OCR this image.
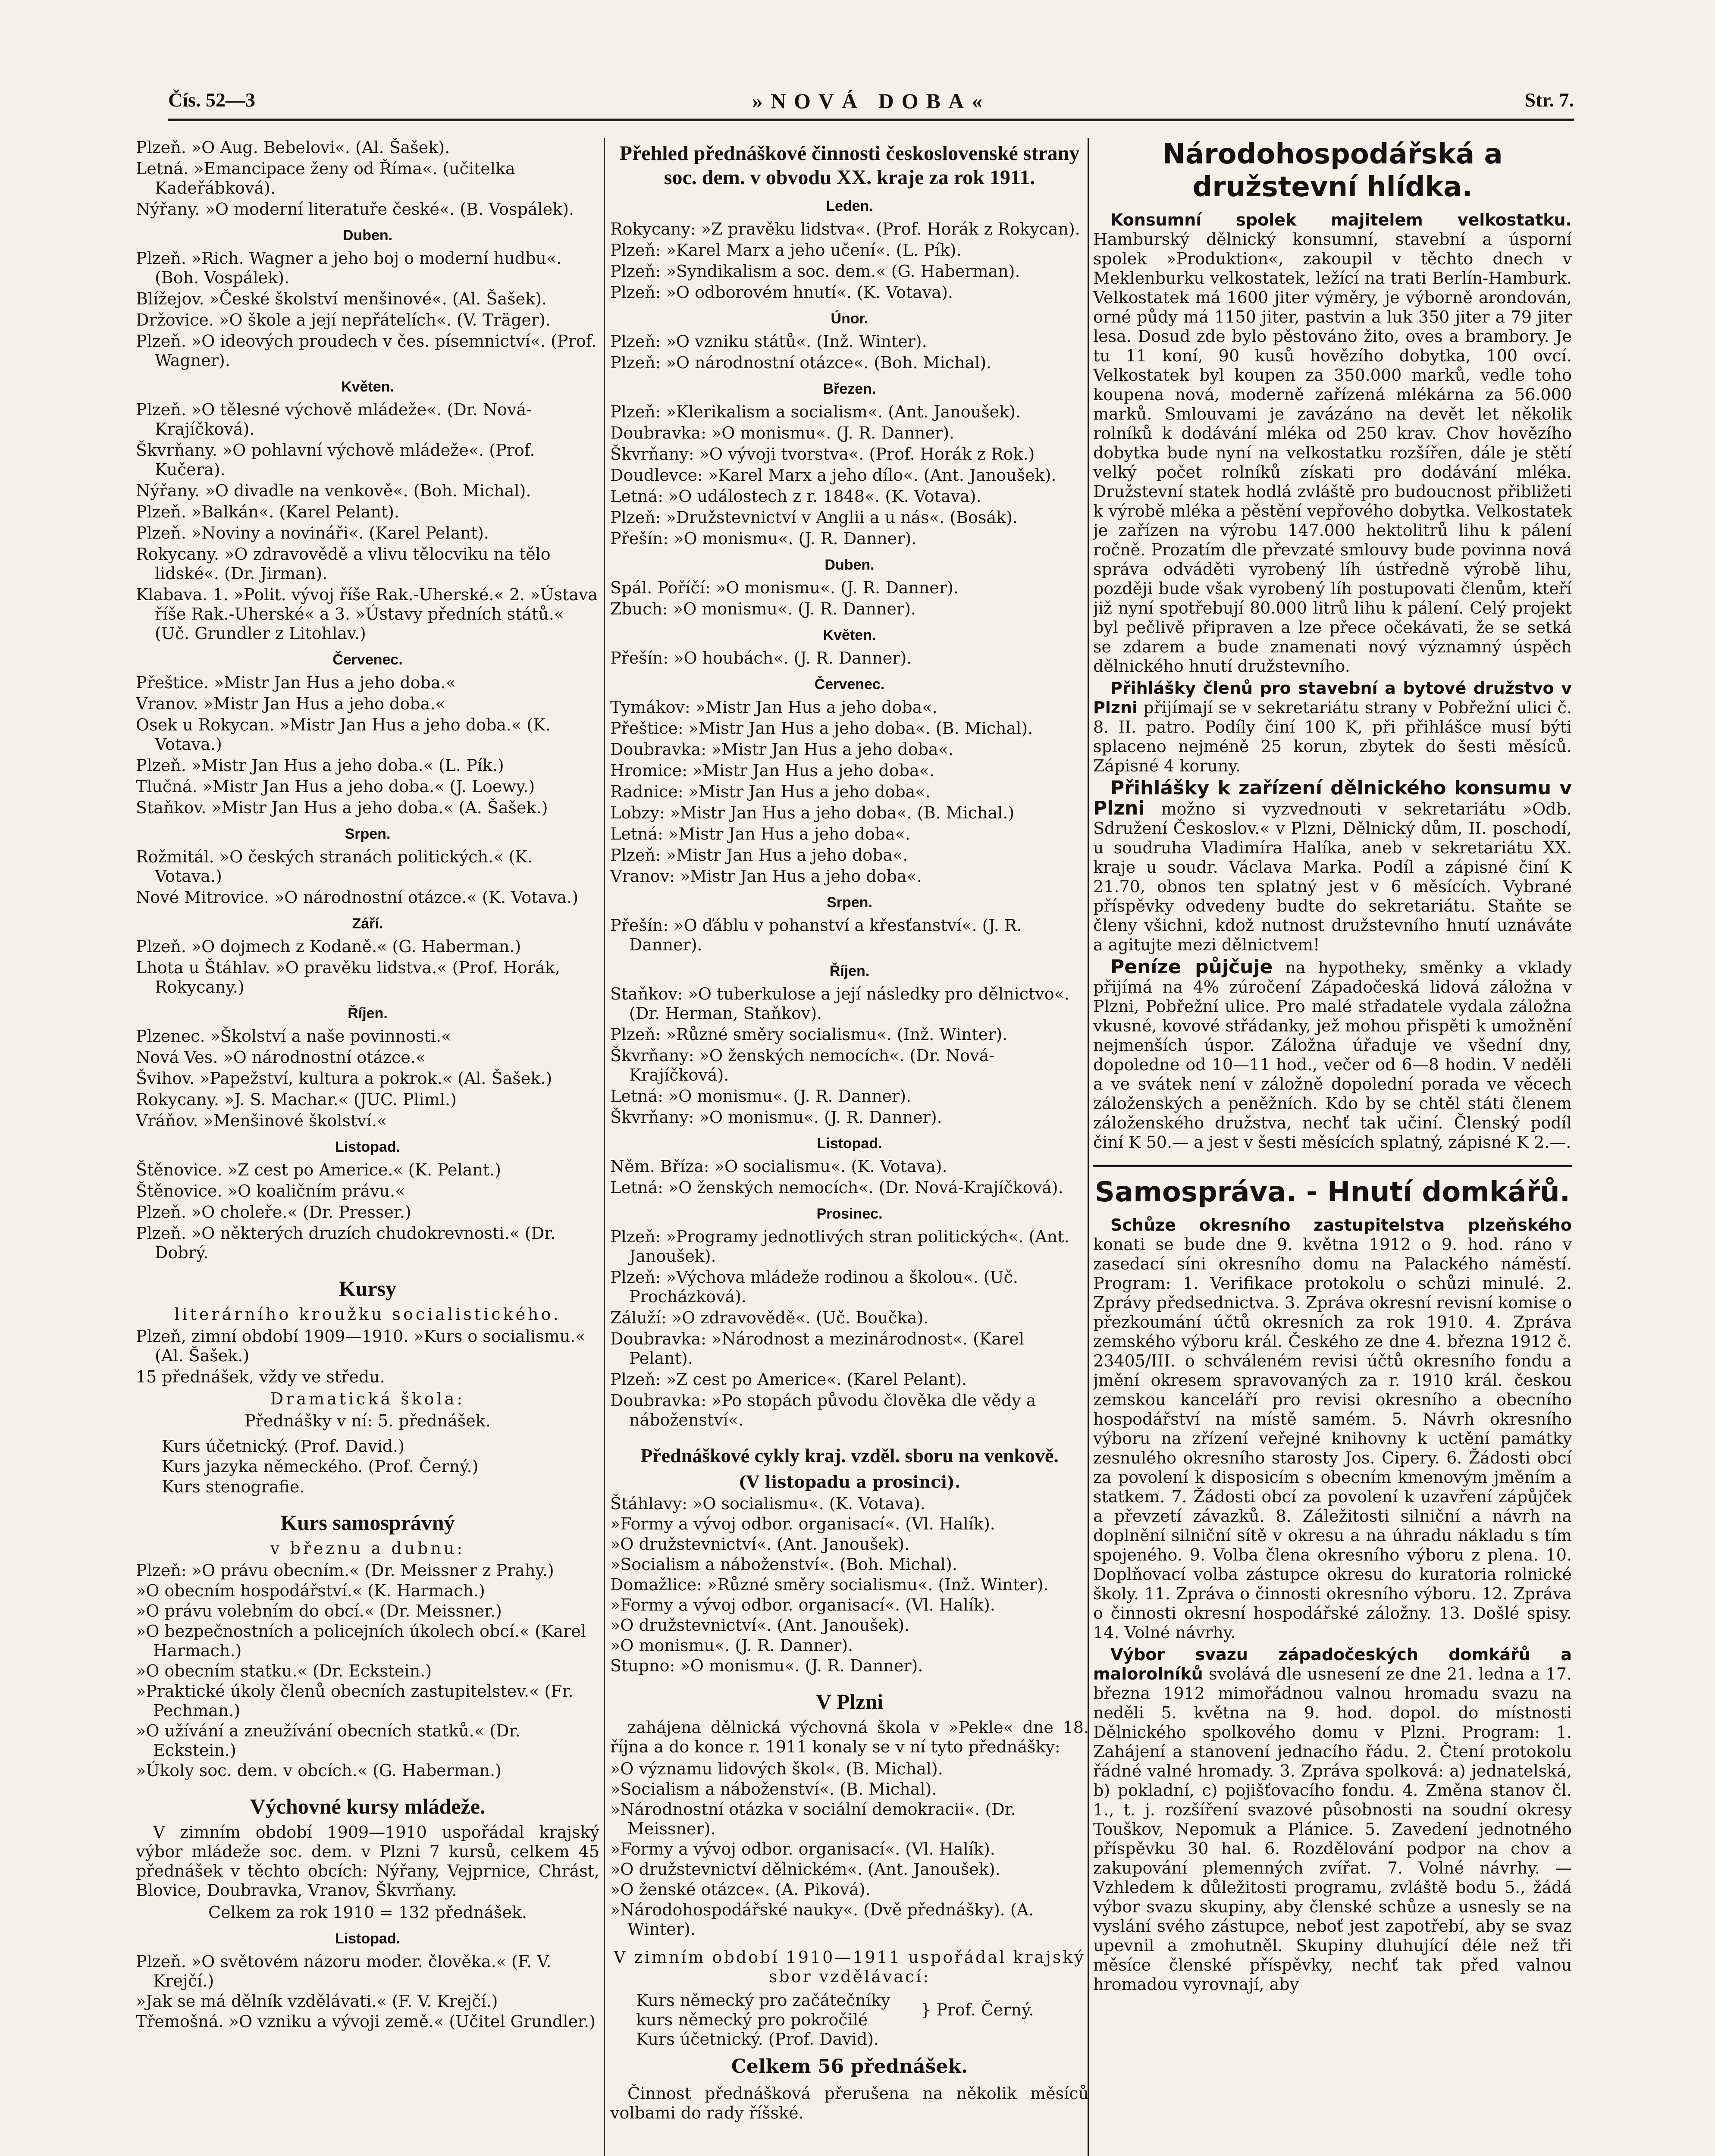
Čís. 52—3	»NOVÁ DOBA«	Str. 7.
Plzeň. »O Aug. Bebelovi«. (Al. Šašek).
Letná. »Emancipace ženy od Říma«. (učitelka Kadeřábková).
Nýřany. »O moderní literatuře české«. (B. Vospálek).
Duben.
Plzeň. »Rich. Wagner a jeho boj o moderní hudbu«. (Boh. Vospálek).
Blížejov. »České školství menšinové«. (Al. Šašek).
Držovice. »O škole a její nepřátelích«. (V. Träger).
Plzeň. »O ideových proudech v čes. písemnictví«. (Prof. Wagner).
Květen.
Plzeň. »O tělesné výchově mládeže«. (Dr. Nová-Krajíčková).
Škvrňany. »O pohlavní výchově mládeže«. (Prof. Kučera).
Nýřany. »O divadle na venkově«. (Boh. Michal).
Plzeň. »Balkán«. (Karel Pelant).
Plzeň. »Noviny a novináři«. (Karel Pelant).
Rokycany. »O zdravovědě a vlivu tělocviku na tělo lidské«. (Dr. Jirman).
Klabava. 1. »Polit. vývoj říše Rak.-Uherské.« 2. »Ústava říše Rak.-Uherské« a 3. »Ústavy předních států.« (Uč. Grundler z Litohlav.)
Červenec.
Přeštice. »Mistr Jan Hus a jeho doba.«
Vranov. »Mistr Jan Hus a jeho doba.«
Osek u Rokycan. »Mistr Jan Hus a jeho doba.« (K. Votava.)
Plzeň. »Mistr Jan Hus a jeho doba.« (L. Pík.)
Tlučná. »Mistr Jan Hus a jeho doba.« (J. Loewy.)
Staňkov. »Mistr Jan Hus a jeho doba.« (A. Šašek.)
Srpen.
Rožmitál. »O českých stranách politických.« (K. Votava.)
Nové Mitrovice. »O národnostní otázce.« (K. Votava.)
Září.
Plzeň. »O dojmech z Kodaně.« (G. Haberman.)
Lhota u Štáhlav. »O pravěku lidstva.« (Prof. Horák, Rokycany.)
Říjen.
Plzenec. »Školství a naše povinnosti.«
Nová Ves. »O národnostní otázce.«
Švihov. »Papežství, kultura a pokrok.« (Al. Šašek.)
Rokycany. »J. S. Machar.« (JUC. Pliml.)
Vráňov. »Menšinové školství.«
Listopad.
Štěnovice. »Z cest po Americe.« (K. Pelant.)
Štěnovice. »O koaličním právu.«
Plzeň. »O choleře.« (Dr. Presser.)
Plzeň. »O některých druzích chudokrevnosti.« (Dr. Dobrý.
Kursy
literárního kroužku socialistického.
Plzeň, zimní období 1909—1910. »Kurs o socialismu.« (Al. Šašek.)
15 přednášek, vždy ve středu.
Dramatická škola:
Přednášky v ní: 5. přednášek.
Kurs účetnický. (Prof. David.)
Kurs jazyka německého. (Prof. Černý.)
Kurs stenografie.
Kurs samosprávný
v březnu a dubnu:
Plzeň: »O právu obecním.« (Dr. Meissner z Prahy.)
»O obecním hospodářství.« (K. Harmach.)
»O právu volebním do obcí.« (Dr. Meissner.)
»O bezpečnostních a policejních úkolech obcí.« (Karel Harmach.)
»O obecním statku.« (Dr. Eckstein.)
»Praktické úkoly členů obecních zastupitelstev.« (Fr. Pechman.)
»O užívání a zneužívání obecních statků.« (Dr. Eckstein.)
»Úkoly soc. dem. v obcích.« (G. Haberman.)
Výchovné kursy mládeže.
V zimním období 1909—1910 uspořádal krajský výbor mládeže soc. dem. v Plzni 7 kursů, celkem 45 přednášek v těchto obcích: Nýřany, Vejprnice, Chrást, Blovice, Doubravka, Vranov, Škvrňany.
Celkem za rok 1910 = 132 přednášek.
Listopad.
Plzeň. »O světovém názoru moder. člověka.« (F. V. Krejčí.)
»Jak se má dělník vzdělávati.« (F. V. Krejčí.)
Třemošná. »O vzniku a vývoji země.« (Učitel Grundler.)
Přehled přednáškové činnosti československé strany soc. dem. v obvodu XX. kraje za rok 1911.
Leden.
Rokycany: »Z pravěku lidstva«. (Prof. Horák z Rokycan).
Plzeň: »Karel Marx a jeho učení«. (L. Pík).
Plzeň: »Syndikalism a soc. dem.« (G. Haberman).
Plzeň: »O odborovém hnutí«. (K. Votava).
Únor.
Plzeň: »O vzniku států«. (Inž. Winter).
Plzeň: »O národnostní otázce«. (Boh. Michal).
Březen.
Plzeň: »Klerikalism a socialism«. (Ant. Janoušek).
Doubravka: »O monismu«. (J. R. Danner).
Škvrňany: »O vývoji tvorstva«. (Prof. Horák z Rok.)
Doudlevce: »Karel Marx a jeho dílo«. (Ant. Janoušek).
Letná: »O událostech z r. 1848«. (K. Votava).
Plzeň: »Družstevnictví v Anglii a u nás«. (Bosák).
Přešín: »O monismu«. (J. R. Danner).
Duben.
Spál. Poříčí: »O monismu«. (J. R. Danner).
Zbuch: »O monismu«. (J. R. Danner).
Květen.
Přešín: »O houbách«. (J. R. Danner).
Červenec.
Tymákov: »Mistr Jan Hus a jeho doba«.
Přeštice: »Mistr Jan Hus a jeho doba«. (B. Michal).
Doubravka: »Mistr Jan Hus a jeho doba«.
Hromice: »Mistr Jan Hus a jeho doba«.
Radnice: »Mistr Jan Hus a jeho doba«.
Lobzy: »Mistr Jan Hus a jeho doba«. (B. Michal.)
Letná: »Mistr Jan Hus a jeho doba«.
Plzeň: »Mistr Jan Hus a jeho doba«.
Vranov: »Mistr Jan Hus a jeho doba«.
Srpen.
Přešín: »O ďáblu v pohanství a křesťanství«. (J. R. Danner).
Říjen.
Staňkov: »O tuberkulose a její následky pro dělnictvo«. (Dr. Herman, Staňkov).
Plzeň: »Různé směry socialismu«. (Inž. Winter).
Škvrňany: »O ženských nemocích«. (Dr. Nová-Krajíčková).
Letná: »O monismu«. (J. R. Danner).
Škvrňany: »O monismu«. (J. R. Danner).
Listopad.
Něm. Bříza: »O socialismu«. (K. Votava).
Letná: »O ženských nemocích«. (Dr. Nová-Krajíčková).
Prosinec.
Plzeň: »Programy jednotlivých stran politických«. (Ant. Janoušek).
Plzeň: »Výchova mládeže rodinou a školou«. (Uč. Procházková).
Záluží: »O zdravovědě«. (Uč. Boučka).
Doubravka: »Národnost a mezinárodnost«. (Karel Pelant).
Plzeň: »Z cest po Americe«. (Karel Pelant).
Doubravka: »Po stopách původu člověka dle vědy a náboženství«.
Přednáškové cykly kraj. vzděl. sboru na venkově.
(V listopadu a prosinci).
Štáhlavy: »O socialismu«. (K. Votava).
»Formy a vývoj odbor. organisací«. (Vl. Halík).
»O družstevnictví«. (Ant. Janoušek).
»Socialism a náboženství«. (Boh. Michal).
Domažlice: »Různé směry socialismu«. (Inž. Winter).
»Formy a vývoj odbor. organisací«. (Vl. Halík).
»O družstevnictví«. (Ant. Janoušek).
»O monismu«. (J. R. Danner).
Stupno: »O monismu«. (J. R. Danner).
V Plzni
zahájena dělnická výchovná škola v »Pekle« dne 18. října a do konce r. 1911 konaly se v ní tyto přednášky:
»O významu lidových škol«. (B. Michal).
»Socialism a náboženství«. (B. Michal).
»Národnostní otázka v sociální demokracii«. (Dr. Meissner).
»Formy a vývoj odbor. organisací«. (Vl. Halík).
»O družstevnictví dělnickém«. (Ant. Janoušek).
»O ženské otázce«. (A. Piková).
»Národohospodářské nauky«. (Dvě přednášky). (A. Winter).
V zimním období 1910—1911 uspořádal krajský sbor vzdělávací:
Kurs německý pro začátečníky
kurs německý pro pokročilé
Kurs účetnický. (Prof. David).
} Prof. Černý.
Celkem 56 přednášek.
Činnost přednášková přerušena na několik měsíců volbami do rady říšské.
Národohospodářská a družstevní hlídka.
Konsumní spolek majitelem velkostatku. Hamburský dělnický konsumní, stavební a úsporní spolek »Produktion«, zakoupil v těchto dnech v Meklenburku velkostatek, ležící na trati Berlín-Hamburk. Velkostatek má 1600 jiter výměry, je výborně arondován, orné půdy má 1150 jiter, pastvin a luk 350 jiter a 79 jiter lesa. Dosud zde bylo pěstováno žito, oves a brambory. Je tu 11 koní, 90 kusů hovězího dobytka, 100 ovcí. Velkostatek byl koupen za 350.000 marků, vedle toho koupena nová, moderně zařízená mlékárna za 56.000 marků. Smlouvami je zavázáno na devět let několik rolníků k dodávání mléka od 250 krav. Chov hovězího dobytka bude nyní na velkostatku rozšířen, dále je stětí velký počet rolníků získati pro dodávání mléka. Družstevní statek hodlá zvláště pro budoucnost přibližeti k výrobě mléka a pěstění vepřového dobytka. Velkostatek je zařízen na výrobu 147.000 hektolitrů lihu k pálení ročně. Prozatím dle převzaté smlouvy bude povinna nová správa odváděti vyrobený líh ústředně výrobě lihu, později bude však vyrobený líh postupovati členům, kteří již nyní spotřebují 80.000 litrů lihu k pálení. Celý projekt byl pečlivě připraven a lze přece očekávati, že se setká se zdarem a bude znamenati nový významný úspěch dělnického hnutí družstevního.
Přihlášky členů pro stavební a bytové družstvo v Plzni přijímají se v sekretariátu strany v Pobřežní ulici č. 8. II. patro. Podíly činí 100 K, při přihlášce musí býti splaceno nejméně 25 korun, zbytek do šesti měsíců. Zápisné 4 koruny.
Přihlášky k zařízení dělnického konsumu v Plzni možno si vyzvednouti v sekretariátu »Odb. Sdružení Českoslov.« v Plzni, Dělnický dům, II. poschodí, u soudruha Vladimíra Halíka, aneb v sekretariátu XX. kraje u soudr. Václava Marka. Podíl a zápisné činí K 21.70, obnos ten splatný jest v 6 měsících. Vybrané příspěvky odvedeny budte do sekretariátu. Staňte se členy všichni, kdož nutnost družstevního hnutí uznáváte a agitujte mezi dělnictvem!
Peníze půjčuje na hypotheky, směnky a vklady přijímá na 4% zúročení Západočeská lidová záložna v Plzni, Pobřežní ulice. Pro malé střadatele vydala záložna vkusné, kovové střádanky, jež mohou přispěti k umožnění nejmenších úspor. Záložna úřaduje ve všední dny, dopoledne od 10—11 hod., večer od 6—8 hodin. V neděli a ve svátek není v záložně dopolední porada ve věcech záloženských a peněžních. Kdo by se chtěl státi členem záloženského družstva, nechť tak učiní. Členský podíl činí K 50.— a jest v šesti měsících splatný, zápisné K 2.—.
Samospráva. - Hnutí domkářů.
Schůze okresního zastupitelstva plzeňského konati se bude dne 9. května 1912 o 9. hod. ráno v zasedací síni okresního domu na Palackého náměstí. Program: 1. Verifikace protokolu o schůzi minulé. 2. Zprávy předsednictva. 3. Zpráva okresní revisní komise o přezkoumání účtů okresních za rok 1910. 4. Zpráva zemského výboru král. Českého ze dne 4. března 1912 č. 23405/III. o schváleném revisi účtů okresního fondu a jmění okresem spravovaných za r. 1910 král. českou zemskou kanceláří pro revisi okresního a obecního hospodářství na místě samém. 5. Návrh okresního výboru na zřízení veřejné knihovny k uctění památky zesnulého okresního starosty Jos. Cipery. 6. Žádosti obcí za povolení k disposicím s obecním kmenovým jměním a statkem. 7. Žádosti obcí za povolení k uzavření zápůjček a převzetí závazků. 8. Záležitosti silniční a návrh na doplnění silniční sítě v okresu a na úhradu nákladu s tím spojeného. 9. Volba člena okresního výboru z plena. 10. Doplňovací volba zástupce okresu do kuratoria rolnické školy. 11. Zpráva o činnosti okresního výboru. 12. Zpráva o činnosti okresní hospodářské záložny. 13. Došlé spisy. 14. Volné návrhy.
Výbor svazu západočeských domkářů a malorolníků svolává dle usnesení ze dne 21. ledna a 17. března 1912 mimořádnou valnou hromadu svazu na neděli 5. května na 9. hod. dopol. do místnosti Dělnického spolkového domu v Plzni. Program: 1. Zahájení a stanovení jednacího řádu. 2. Čtení protokolu řádné valné hromady. 3. Zpráva spolková: a) jednatelská, b) pokladní, c) pojišťovacího fondu. 4. Změna stanov čl. 1., t. j. rozšíření svazové působnosti na soudní okresy Touškov, Nepomuk a Plánice. 5. Zavedení jednotného příspěvku 30 hal. 6. Rozdělování podpor na chov a zakupování plemenných zvířat. 7. Volné návrhy. — Vzhledem k důležitosti programu, zvláště bodu 5., žádá výbor svazu skupiny, aby členské schůze a usnesly se na vyslání svého zástupce, neboť jest zapotřebí, aby se svaz upevnil a zmohutněl. Skupiny dluhující déle než tři měsíce členské příspěvky, nechť tak před valnou hromadou vyrovnají, aby
